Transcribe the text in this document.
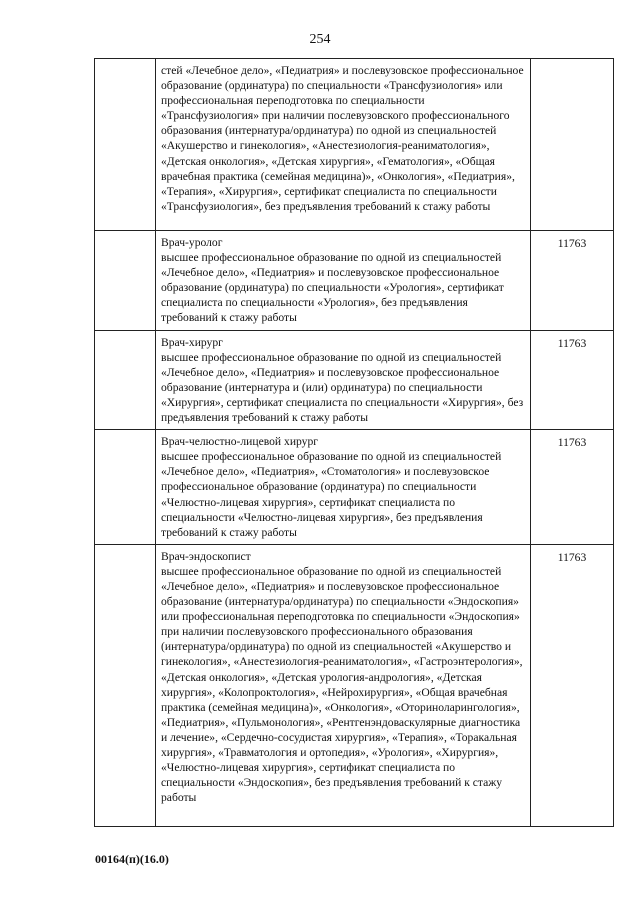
254

	стей «Лечебное дело», «Педиатрия» и послевузовское профессиональное образование (ординатура) по специальности «Трансфузиология» или профессиональная переподготовка по специальности «Трансфузиология» при наличии послевузовского профессионального образования (интернатура/ординатура) по одной из специальностей «Акушерство и гинекология», «Анестезиология-реаниматология», «Детская онкология», «Детская хирургия», «Гематология», «Общая врачебная практика (семейная медицина)», «Онкология», «Педиатрия», «Терапия», «Хирургия», сертификат специалиста по специальности «Трансфузиология», без предъявления требований к стажу работы	

	Врач-уролог
высшее профессиональное образование по одной из специальностей «Лечебное дело», «Педиатрия» и послевузовское профессиональное образование (ординатура) по специальности «Урология», сертификат специалиста по специальности «Урология», без предъявления требований к стажу работы	11763

	Врач-хирург
высшее профессиональное образование по одной из специальностей «Лечебное дело», «Педиатрия» и послевузовское профессиональное образование (интернатура и (или) ординатура) по специальности «Хирургия», сертификат специалиста по специальности «Хирургия», без предъявления требований к стажу работы	11763

	Врач-челюстно-лицевой хирург
высшее профессиональное образование по одной из специальностей «Лечебное дело», «Педиатрия», «Стоматология» и послевузовское профессиональное образование (ординатура) по специальности «Челюстно-лицевая хирургия», сертификат специалиста по специальности «Челюстно-лицевая хирургия», без предъявления требований к стажу работы	11763

	Врач-эндоскопист
высшее профессиональное образование по одной из специальностей «Лечебное дело», «Педиатрия» и послевузовское профессиональное образование (интернатура/ординатура) по специальности «Эндоскопия» или профессиональная переподготовка по специальности «Эндоскопия» при наличии послевузовского профессионального образования (интернатура/ординатура) по одной из специальностей «Акушерство и гинекология», «Анестезиология-реаниматология», «Гастроэнтерология», «Детская онкология», «Детская урология-андрология», «Детская хирургия», «Колопроктология», «Нейрохирургия», «Общая врачебная практика (семейная медицина)», «Онкология», «Оториноларингология», «Педиатрия», «Пульмонология», «Рентгенэндоваскулярные диагностика и лечение», «Сердечно-сосудистая хирургия», «Терапия», «Торакальная хирургия», «Травматология и ортопедия», «Урология», «Хирургия», «Челюстно-лицевая хирургия», сертификат специалиста по специальности «Эндоскопия», без предъявления требований к стажу работы	11763
00164(п)(16.0)
